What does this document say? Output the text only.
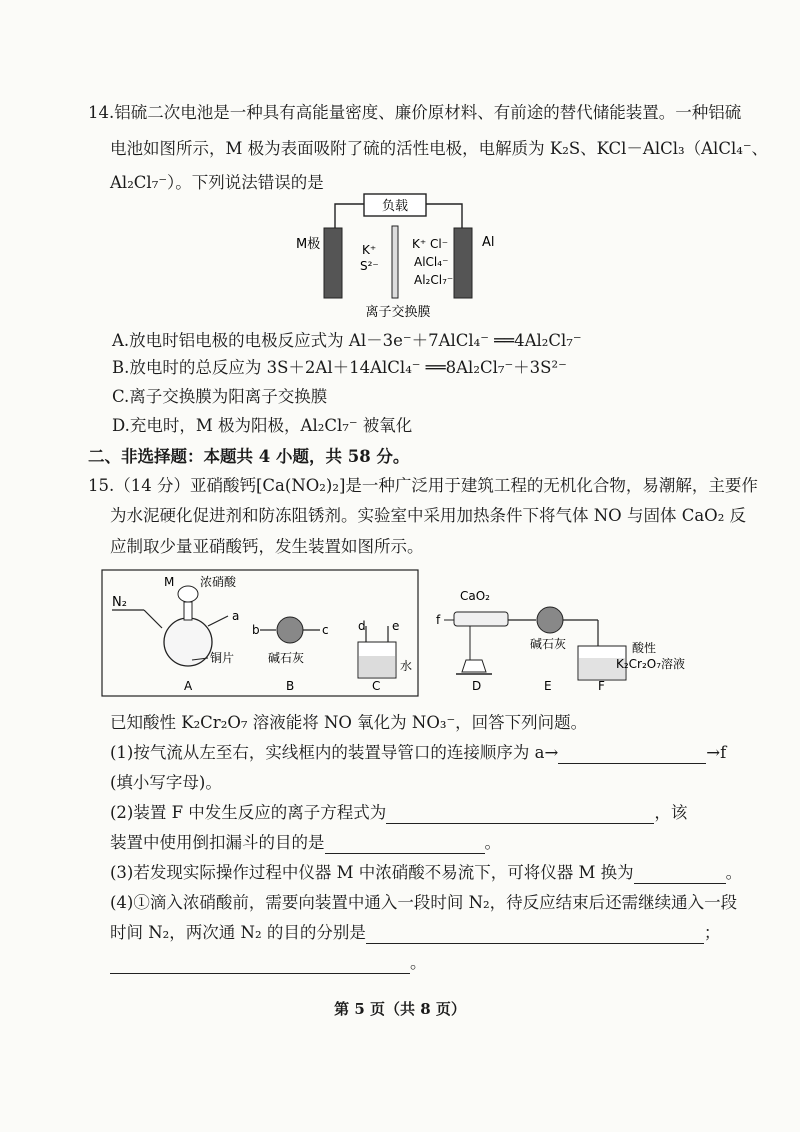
14.铝硫二次电池是一种具有高能量密度、廉价原材料、有前途的替代储能装置。一种铝硫
电池如图所示，M 极为表面吸附了硫的活性电极，电解质为 K₂S、KCl－AlCl₃（AlCl₄⁻、
Al₂Cl₇⁻）。下列说法错误的是
负载
M极	Al
K⁺
S²⁻
K⁺ Cl⁻
AlCl₄⁻
Al₂Cl₇⁻
离子交换膜
A.放电时铝电极的电极反应式为 Al－3e⁻＋7AlCl₄⁻ ══4Al₂Cl₇⁻
B.放电时的总反应为 3S＋2Al＋14AlCl₄⁻ ══8Al₂Cl₇⁻＋3S²⁻
C.离子交换膜为阳离子交换膜
D.充电时，M 极为阳极，Al₂Cl₇⁻ 被氧化
二、非选择题：本题共 4 小题，共 58 分。
15.（14 分）亚硝酸钙[Ca(NO₂)₂]是一种广泛用于建筑工程的无机化合物，易潮解，主要作
为水泥硬化促进剂和防冻阻锈剂。实验室中采用加热条件下将气体 NO 与固体 CaO₂ 反
应制取少量亚硝酸钙，发生装置如图所示。
N₂
M 浓硝酸
a
铜片
A
b	c
碱石灰
B
d e
水
C
CaO₂
f
D
碱石灰
E
酸性
K₂Cr₂O₇溶液
F
已知酸性 K₂Cr₂O₇ 溶液能将 NO 氧化为 NO₃⁻，回答下列问题。
(1)按气流从左至右，实线框内的装置导管口的连接顺序为 a→	→f
(填小写字母)。
(2)装置 F 中发生反应的离子方程式为	，该
装置中使用倒扣漏斗的目的是	。
(3)若发现实际操作过程中仪器 M 中浓硝酸不易流下，可将仪器 M 换为	。
(4)①滴入浓硝酸前，需要向装置中通入一段时间 N₂，待反应结束后还需继续通入一段
时间 N₂，两次通 N₂ 的目的分别是	；
。
第 5 页（共 8 页）
